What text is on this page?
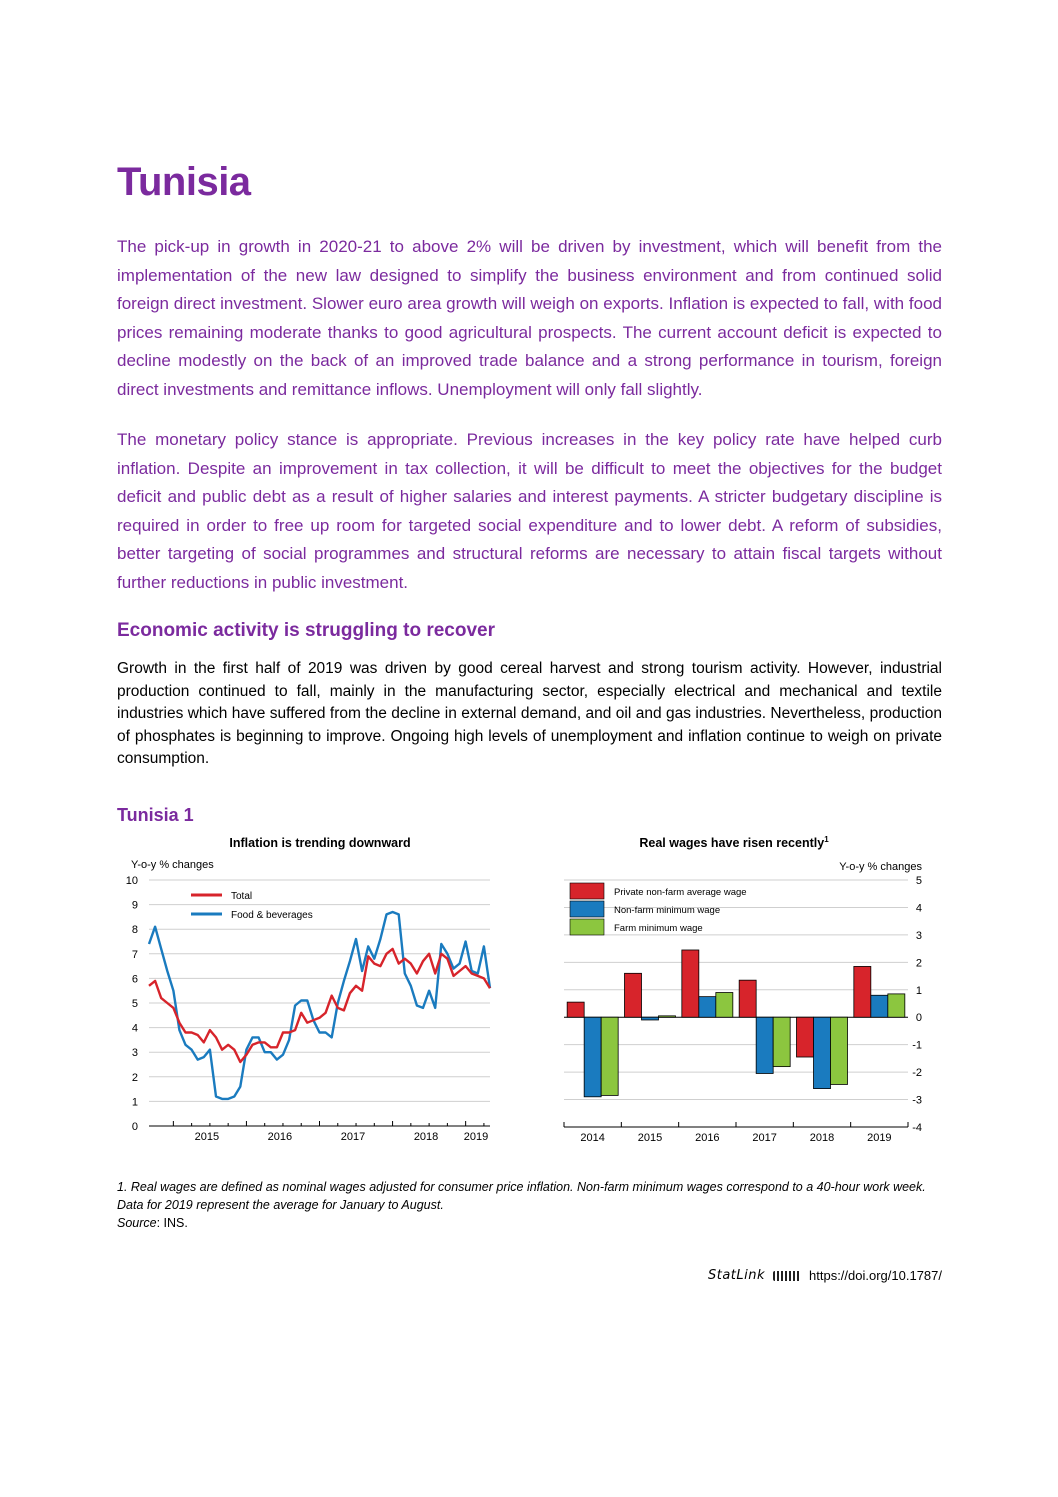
Tunisia

The pick-up in growth in 2020-21 to above 2% will be driven by investment, which will benefit from the implementation of the new law designed to simplify the business environment and from continued solid foreign direct investment. Slower euro area growth will weigh on exports. Inflation is expected to fall, with food prices remaining moderate thanks to good agricultural prospects. The current account deficit is expected to decline modestly on the back of an improved trade balance and a strong performance in tourism, foreign direct investments and remittance inflows. Unemployment will only fall slightly.

The monetary policy stance is appropriate. Previous increases in the key policy rate have helped curb inflation. Despite an improvement in tax collection, it will be difficult to meet the objectives for the budget deficit and public debt as a result of higher salaries and interest payments. A stricter budgetary discipline is required in order to free up room for targeted social expenditure and to lower debt. A reform of subsidies, better targeting of social programmes and structural reforms are necessary to attain fiscal targets without further reductions in public investment.

Economic activity is struggling to recover

Growth in the first half of 2019 was driven by good cereal harvest and strong tourism activity. However, industrial production continued to fall, mainly in the manufacturing sector, especially electrical and mechanical and textile industries which have suffered from the decline in external demand, and oil and gas industries. Nevertheless, production of phosphates is beginning to improve. Ongoing high levels of unemployment and inflation continue to weigh on private consumption.

Tunisia 1
Inflation is trending downward
Y-o-y % changes
0
1
2
3
4
5
6
7
8
9
10
2015	2016	2017	2018 2019
Total
Food & beverages
Real wages have risen recently$^1$
Y-o-y % changes
-4
-3
-2
-1
0
1
2
3
4
5
2014	2015	2016	2017	2018	2019
Private non-farm average wage
Non-farm minimum wage
Farm minimum wage
1. Real wages are defined as nominal wages adjusted for consumer price inflation. Non-farm minimum wages correspond to a 40-hour work week. Data for 2019 represent the average for January to August.
Source: INS.
StatLink	https://doi.org/10.1787/
